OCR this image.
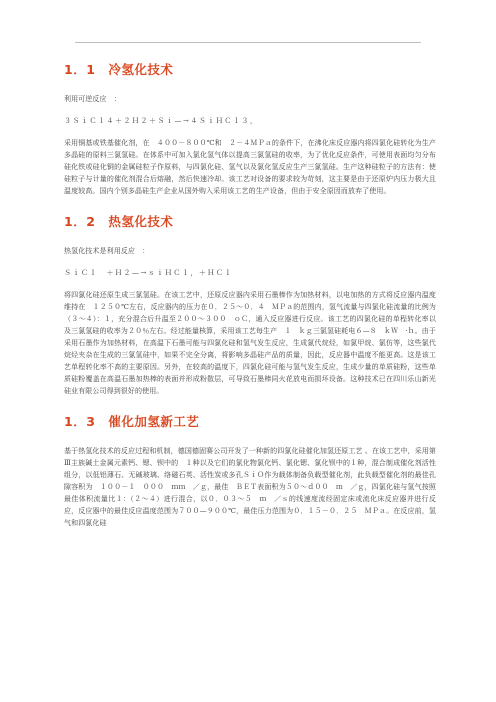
1．1　冷氢化技术

利用可逆反应　：

３ＳｉＣｌ４＋２Ｈ２＋Ｓｉ—→４ＳｉＨＣｌ３，

采用铜基或铁基催化剂，在　４００－８００℃和　２－４ＭＰａ的条件下，在沸化床反应器内将四氯化硅转化为生产多晶硅的原料三氯氢硅。在体系中可加入氯化氢气体以提高三氯氢硅的收率，为了优化反应条件，可使用表面均匀分布硅化铁或硅化铜的金属硅粒子作原料，与四氯化硅、氢气以及氯化氢反应生产三氯氢硅。生产这种硅粒子的方法有：使硅粒子与计量的催化剂混合后熔融，然后快速冷却。该工艺对设备的要求较为苛刻，这主要是由于还原炉内压力极大且温度较高。国内个别多晶硅生产企业从国外购入采用该工艺的生产设备，但由于安全原因而放弃了使用。

1．2　热氢化技术

热氢化技术是利用反应　：

ＳｉＣｌ　＋Ｈ２—→ｓｉＨＣｌ，＋ＨＣｌ

将四氯化硅还原生成三氯氢硅。在该工艺中，还原反应器内采用石墨棒作为加热材料，以电加热的方式将反应器内温度维持在　１２５０℃左右，反应器内的压力在０．２５～０．４　ＭＰａ的范围内，氢气流量与四氯化硅流量的比例为（３～４）：１，充分混合后升温至２００～３００　ｏＣ，通入反应器进行反应。该工艺的四氯化硅的单程转化率以及三氯氢硅的收率为２０％左右。经过能量核算，采用该工艺每生产　１　ｋｇ三氯氢硅耗电６—８　ｋＷ　·ｈ。由于采用石墨作为加热材料，在高温下石墨可能与四氯化硅和氢气发生反应，生成氯代烷烃，如氯甲烷、氯仿等，这些氯代烷烃夹杂在生成的三氯氢硅中，如果不完全分离，将影响多晶硅产品的质量，因此，反应器中温度不能更高。这是该工艺单程转化率不高的主要原因。另外，在较高的温度下，四氯化硅可能与氢气发生反应，生成少量的单质硅粉，这些单质硅粉覆盖在高温石墨加热棒的表面并形成粉散层，可导致石墨棒同火花放电而损坏设备。这种技术已在四川乐山新光硅业有限公司得到很好的使用。

1．3　催化加氢新工艺

基于热氢化技术的反应过程和机制，德国德固赛公司开发了一种新的四氯化硅催化加氢还原工艺 。在该工艺中，采用第 Ⅲ主族碱土金属元素钙、锶、钡中的　１种以及它们的氯化物氯化钙、氯化锶、氯化钡中的１种，混合制成催化剂活性组分，以低铝薄石、无碱玻璃、络磁石英、活性炭或多孔ＳｉＯ作为载体制备负载型催化剂，此负载型催化剂的最佳孔隙容积为　１００－１　０００　ｍｍ　／ｇ，最佳　ＢＥＴ表面积为５０～ｄ００　ｍ　／ｇ，四氯化硅与氢气按照最佳体积流量比１：（２～４）进行混合，以０．０３～５　ｍ　／ｓ的线速度流经固定床或流化床反应器并进行反应，反应器中的最佳反应温度范围为７００—９００℃，最佳压力范围为０．１５－０．２５　ＭＰａ。在反应前，氢气和四氯化硅
